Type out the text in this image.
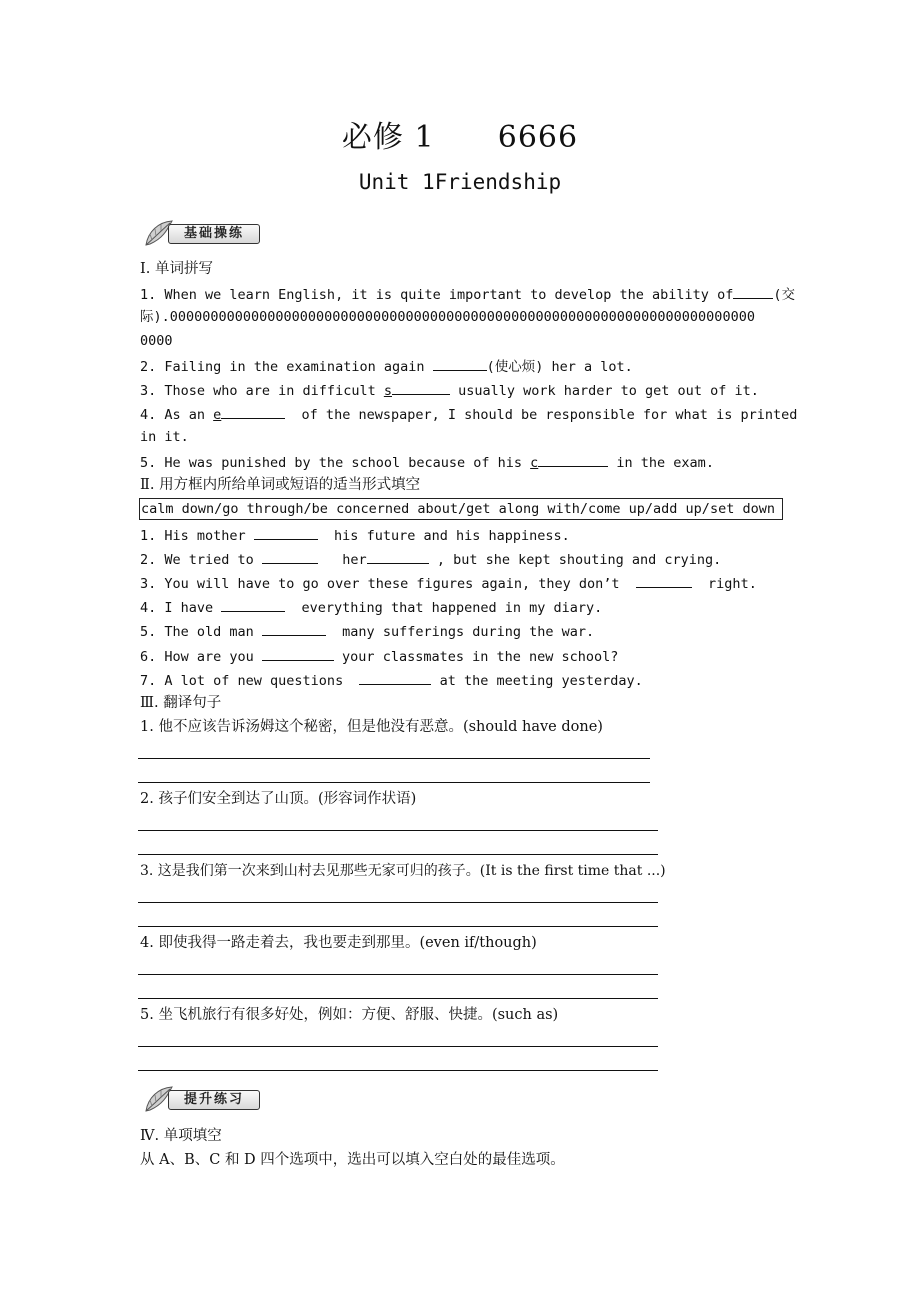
必修 1      6666
Unit 1Friendship
基础操练
Ⅰ. 单词拼写
1. When we learn English, it is quite important to develop the ability of	(交
际).000000000000000000000000000000000000000000000000000000000000000000000000
0000
2. Failing in the examination again	(使心烦) her a lot.
3. Those who are in difficult s	usually work harder to get out of it.
4. As an e	of the newspaper, I should be responsible for what is printed
in it.
5. He was punished by the school because of his c	in the exam.
Ⅱ. 用方框内所给单词或短语的适当形式填空
calm down/go through/be concerned about/get along with/come up/add up/set down
1. His mother	his future and his happiness.
2. We tried to	her	, but she kept shouting and crying.
3. You will have to go over these figures again, they don’t	right.
4. I have	everything that happened in my diary.
5. The old man	many sufferings during the war.
6. How are you	your classmates in the new school?
7. A lot of new questions	at the meeting yesterday.
Ⅲ. 翻译句子
1. 他不应该告诉汤姆这个秘密，但是他没有恶意。(should have done)
2. 孩子们安全到达了山顶。(形容词作状语)
3. 这是我们第一次来到山村去见那些无家可归的孩子。(It is the first time that ...)
4. 即使我得一路走着去，我也要走到那里。(even if/though)
5. 坐飞机旅行有很多好处，例如：方便、舒服、快捷。(such as)
提升练习
Ⅳ. 单项填空
从 A、B、C 和 D 四个选项中，选出可以填入空白处的最佳选项。
